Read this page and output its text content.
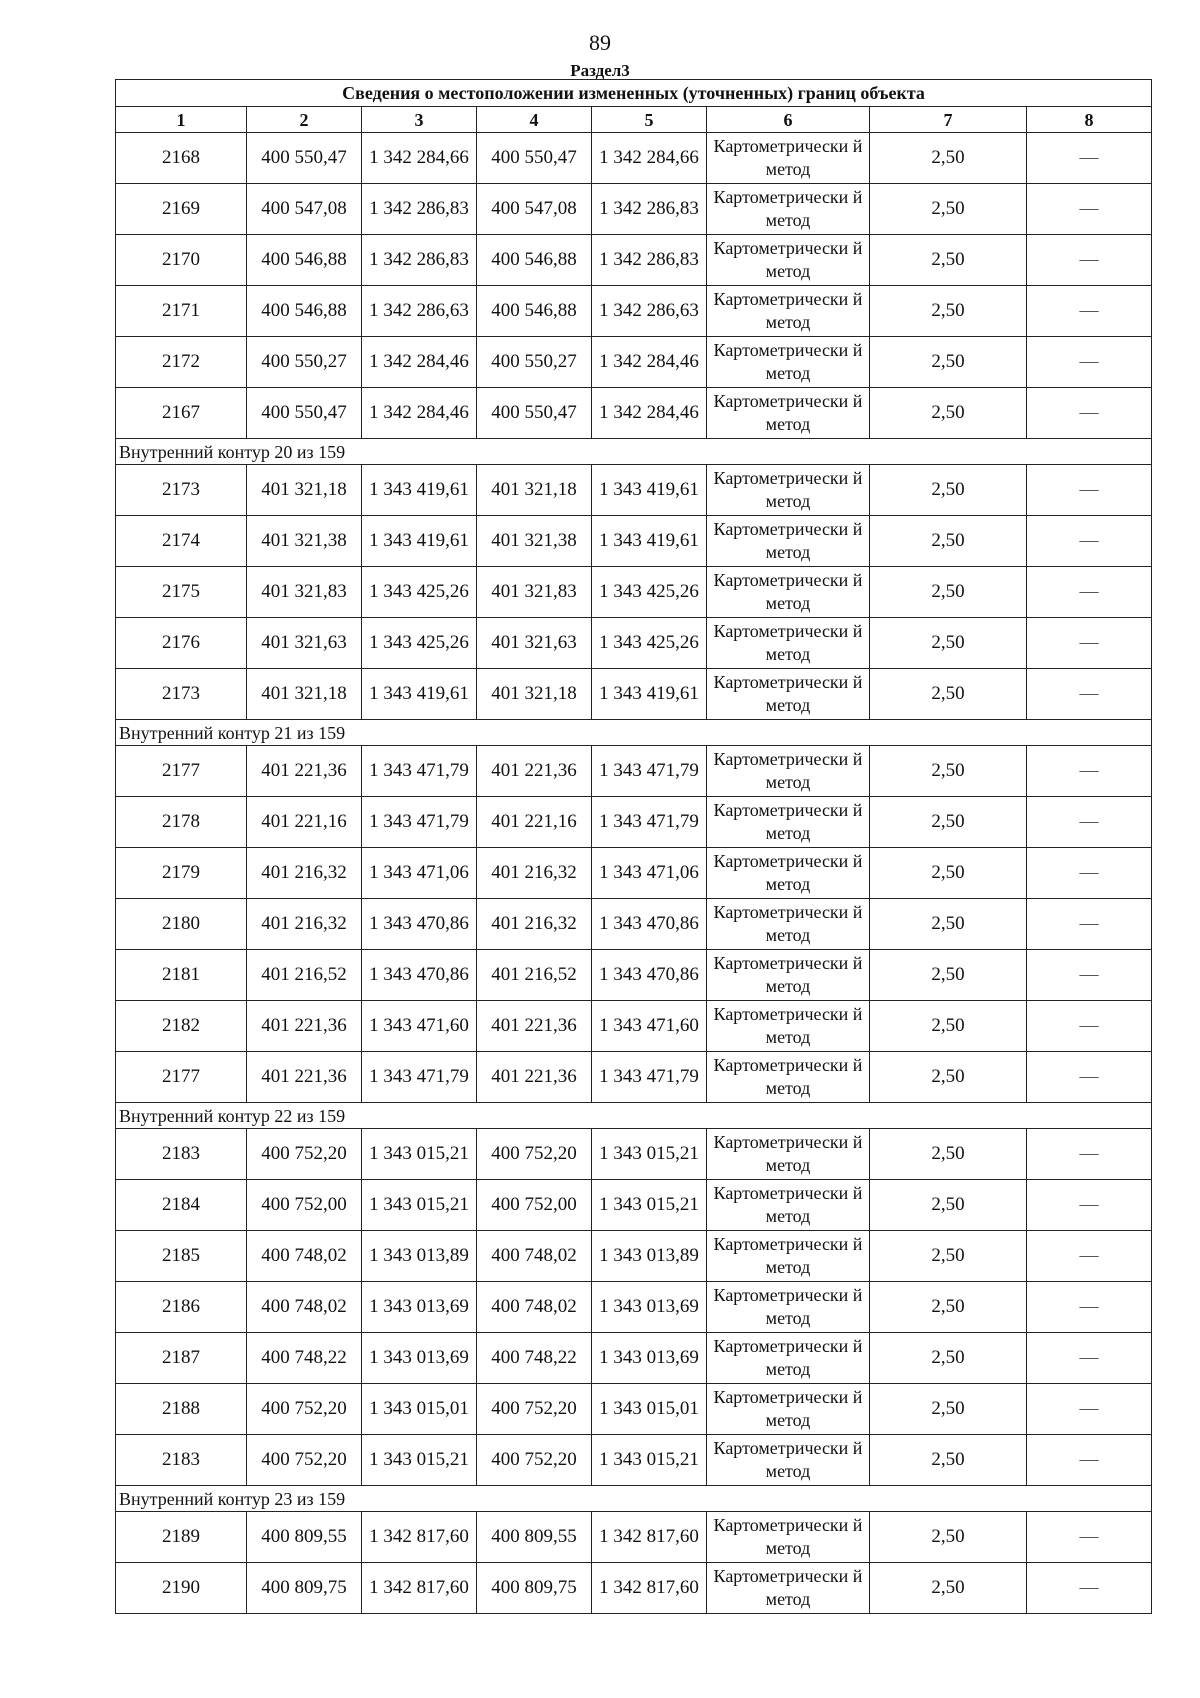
89
Раздел3
Сведения о местоположении измененных (уточненных) границ объекта							
1	2	3	4	5	6	7	8
2168	400 550,47	1 342 284,66	400 550,47	1 342 284,66	Картометрически й метод	2,50	—
2169	400 547,08	1 342 286,83	400 547,08	1 342 286,83	Картометрически й метод	2,50	—
2170	400 546,88	1 342 286,83	400 546,88	1 342 286,83	Картометрически й метод	2,50	—
2171	400 546,88	1 342 286,63	400 546,88	1 342 286,63	Картометрически й метод	2,50	—
2172	400 550,27	1 342 284,46	400 550,27	1 342 284,46	Картометрически й метод	2,50	—
2167	400 550,47	1 342 284,46	400 550,47	1 342 284,46	Картометрически й метод	2,50	—
Внутренний контур 20 из 159							
2173	401 321,18	1 343 419,61	401 321,18	1 343 419,61	Картометрически й метод	2,50	—
2174	401 321,38	1 343 419,61	401 321,38	1 343 419,61	Картометрически й метод	2,50	—
2175	401 321,83	1 343 425,26	401 321,83	1 343 425,26	Картометрически й метод	2,50	—
2176	401 321,63	1 343 425,26	401 321,63	1 343 425,26	Картометрически й метод	2,50	—
2173	401 321,18	1 343 419,61	401 321,18	1 343 419,61	Картометрически й метод	2,50	—
Внутренний контур 21 из 159							
2177	401 221,36	1 343 471,79	401 221,36	1 343 471,79	Картометрически й метод	2,50	—
2178	401 221,16	1 343 471,79	401 221,16	1 343 471,79	Картометрически й метод	2,50	—
2179	401 216,32	1 343 471,06	401 216,32	1 343 471,06	Картометрически й метод	2,50	—
2180	401 216,32	1 343 470,86	401 216,32	1 343 470,86	Картометрически й метод	2,50	—
2181	401 216,52	1 343 470,86	401 216,52	1 343 470,86	Картометрически й метод	2,50	—
2182	401 221,36	1 343 471,60	401 221,36	1 343 471,60	Картометрически й метод	2,50	—
2177	401 221,36	1 343 471,79	401 221,36	1 343 471,79	Картометрически й метод	2,50	—
Внутренний контур 22 из 159							
2183	400 752,20	1 343 015,21	400 752,20	1 343 015,21	Картометрически й метод	2,50	—
2184	400 752,00	1 343 015,21	400 752,00	1 343 015,21	Картометрически й метод	2,50	—
2185	400 748,02	1 343 013,89	400 748,02	1 343 013,89	Картометрически й метод	2,50	—
2186	400 748,02	1 343 013,69	400 748,02	1 343 013,69	Картометрически й метод	2,50	—
2187	400 748,22	1 343 013,69	400 748,22	1 343 013,69	Картометрически й метод	2,50	—
2188	400 752,20	1 343 015,01	400 752,20	1 343 015,01	Картометрически й метод	2,50	—
2183	400 752,20	1 343 015,21	400 752,20	1 343 015,21	Картометрически й метод	2,50	—
Внутренний контур 23 из 159							
2189	400 809,55	1 342 817,60	400 809,55	1 342 817,60	Картометрически й метод	2,50	—
2190	400 809,75	1 342 817,60	400 809,75	1 342 817,60	Картометрически й метод	2,50	—
